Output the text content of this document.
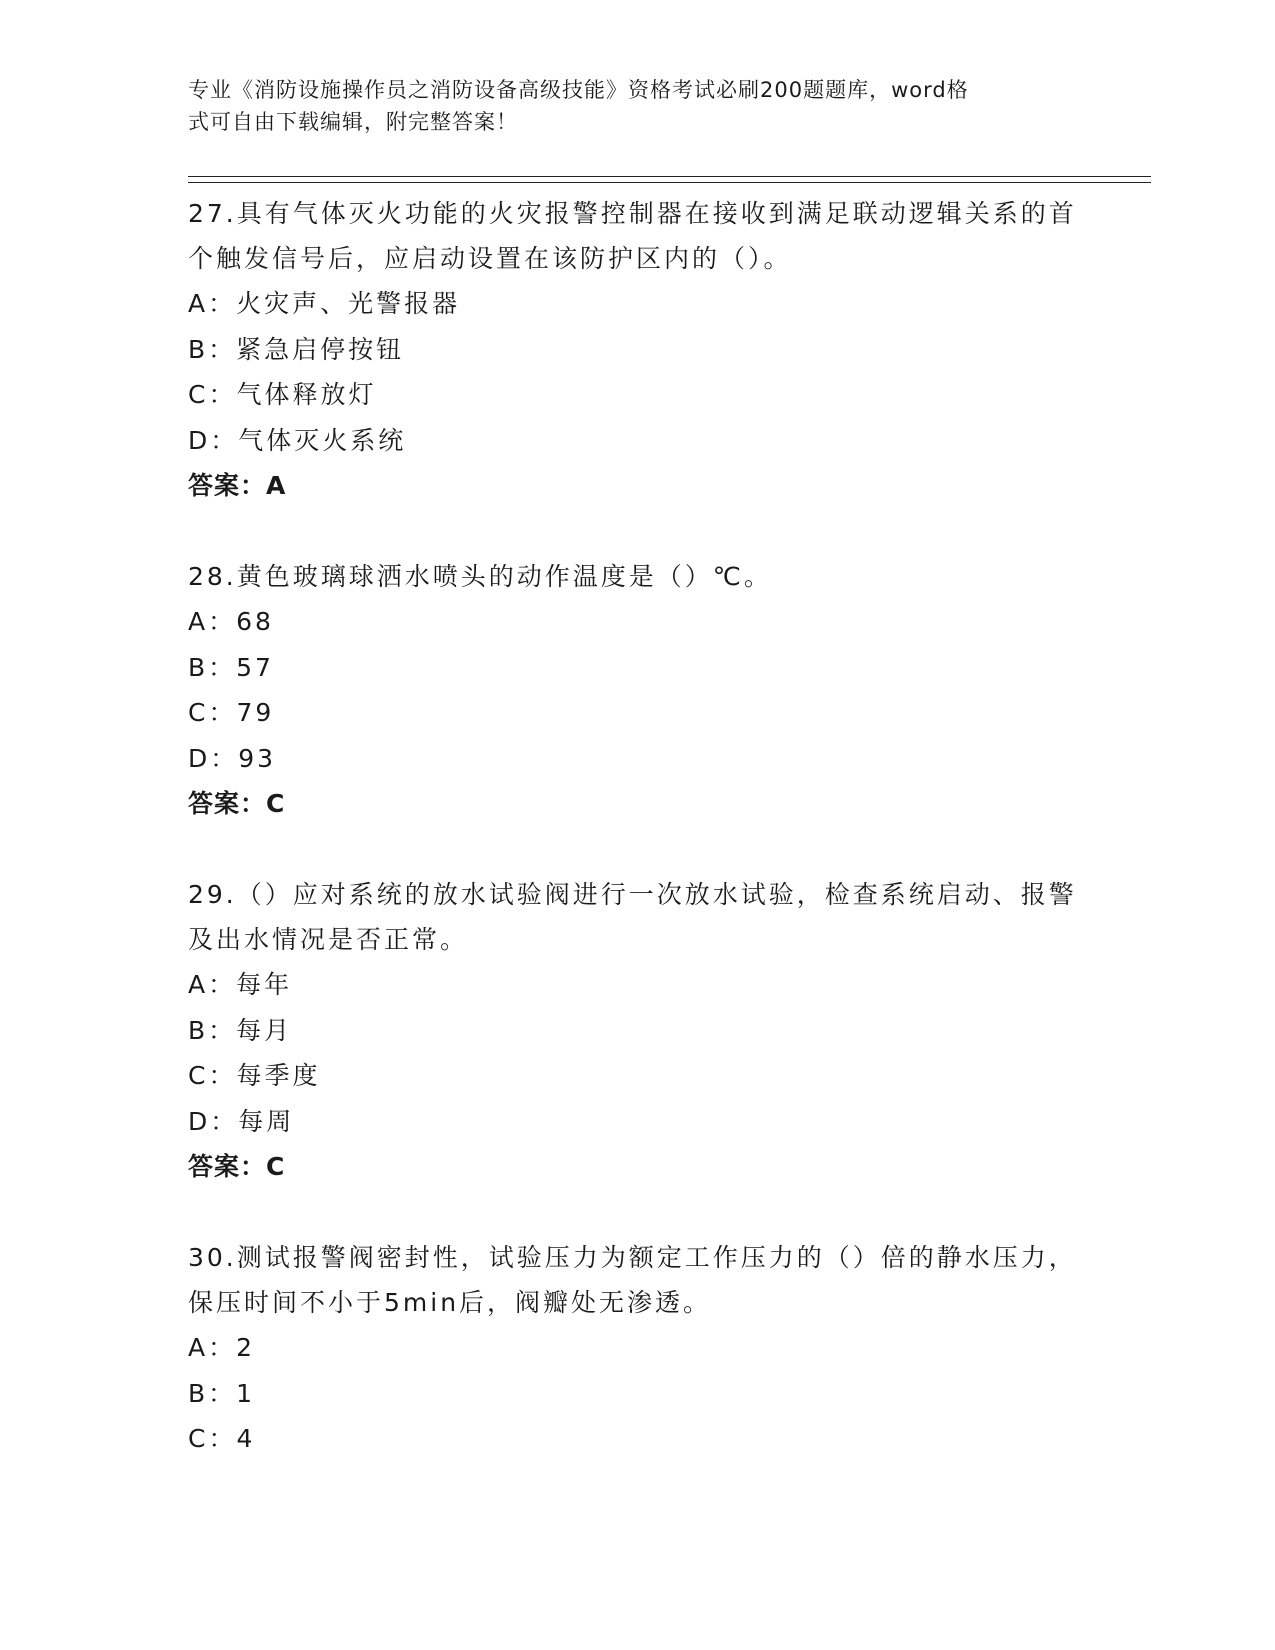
专业《消防设施操作员之消防设备高级技能》资格考试必刷200题题库，word格
式可自由下载编辑，附完整答案！
27.具有气体灭火功能的火灾报警控制器在接收到满足联动逻辑关系的首个触发信号后，应启动设置在该防护区内的（）。
A：火灾声、光警报器
B：紧急启停按钮
C：气体释放灯
D：气体灭火系统
答案：A
28.黄色玻璃球洒水喷头的动作温度是（）℃。
A：68
B：57
C：79
D：93
答案：C
29.（）应对系统的放水试验阀进行一次放水试验，检查系统启动、报警及出水情况是否正常。
A：每年
B：每月
C：每季度
D：每周
答案：C
30.测试报警阀密封性，试验压力为额定工作压力的（）倍的静水压力，保压时间不小于5min后，阀瓣处无渗透。
A：2
B：1
C：4
